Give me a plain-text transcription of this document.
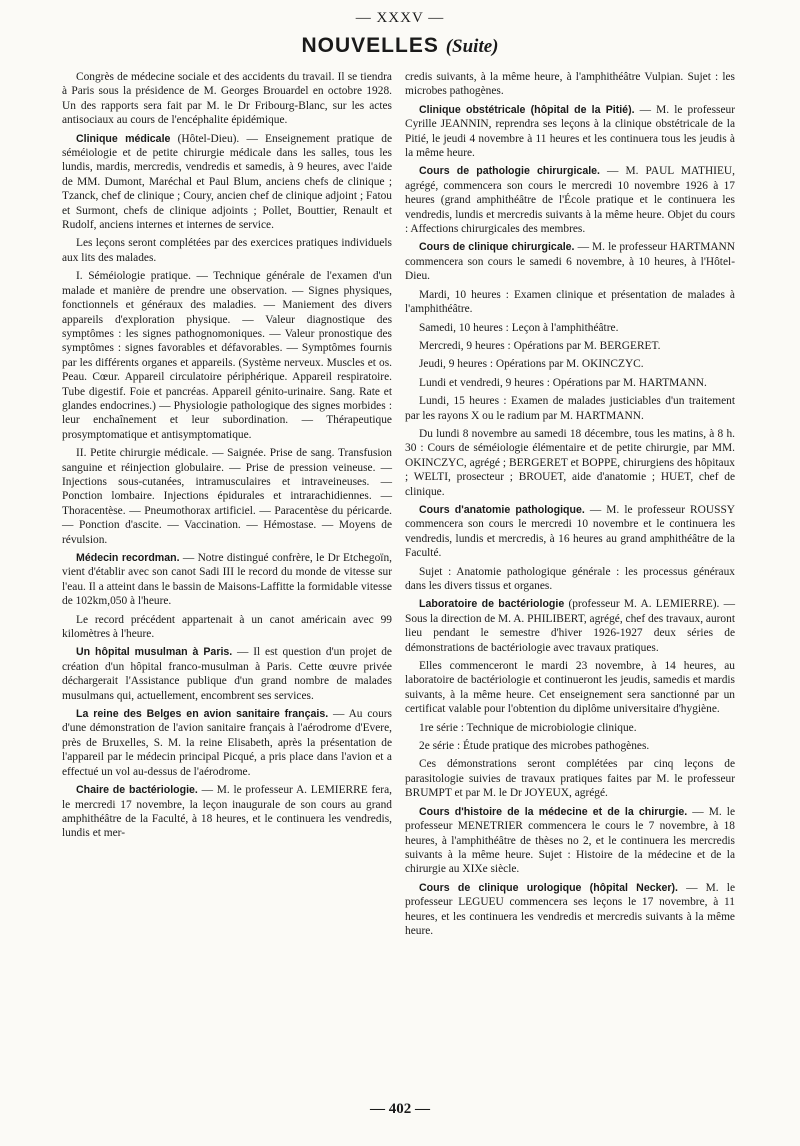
— XXXV —
NOUVELLES (Suite)

Congrès de médecine sociale et des accidents du travail. Il se tiendra à Paris sous la présidence de M. Georges Brouardel en octobre 1928. Un des rapports sera fait par M. le Dr Fribourg-Blanc, sur les actes antisociaux au cours de l'encéphalite épidémique.

Clinique médicale (Hôtel-Dieu). — Enseignement pratique de séméiologie et de petite chirurgie médicale dans les salles, tous les lundis, mardis, mercredis, vendredis et samedis, à 9 heures, avec l'aide de MM. Dumont, Maréchal et Paul Blum, anciens chefs de clinique ; Tzanck, chef de clinique ; Coury, ancien chef de clinique adjoint ; Fatou et Surmont, chefs de clinique adjoints ; Pollet, Bouttier, Renault et Rudolf, anciens internes et internes de service.

Les leçons seront complétées par des exercices pratiques individuels aux lits des malades.

I. Séméiologie pratique. — Technique générale de l'examen d'un malade et manière de prendre une observation. — Signes physiques, fonctionnels et généraux des maladies. — Maniement des divers appareils d'exploration physique. — Valeur diagnostique des symptômes : les signes pathognomoniques. — Valeur pronostique des symptômes : signes favorables et défavorables. — Symptômes fournis par les différents organes et appareils. (Système nerveux. Muscles et os. Peau. Cœur. Appareil circulatoire périphérique. Appareil respiratoire. Tube digestif. Foie et pancréas. Appareil génito-urinaire. Sang. Rate et glandes endocrines.) — Physiologie pathologique des signes morbides : leur enchaînement et leur subordination. — Thérapeutique prosymptomatique et antisymptomatique.

II. Petite chirurgie médicale. — Saignée. Prise de sang. Transfusion sanguine et réinjection globulaire. — Prise de pression veineuse. — Injections sous-cutanées, intramusculaires et intraveineuses. — Ponction lombaire. Injections épidurales et intrarachidiennes. — Thoracentèse. — Pneumothorax artificiel. — Paracentèse du péricarde. — Ponction d'ascite. — Vaccination. — Hémostase. — Moyens de révulsion.

Médecin recordman. — Notre distingué confrère, le Dr Etchegoïn, vient d'établir avec son canot Sadi III le record du monde de vitesse sur l'eau. Il a atteint dans le bassin de Maisons-Laffitte la formidable vitesse de 102km,050 à l'heure.

Le record précédent appartenait à un canot américain avec 99 kilomètres à l'heure.

Un hôpital musulman à Paris. — Il est question d'un projet de création d'un hôpital franco-musulman à Paris. Cette œuvre privée déchargerait l'Assistance publique d'un grand nombre de malades musulmans qui, actuellement, encombrent ses services.

La reine des Belges en avion sanitaire français. — Au cours d'une démonstration de l'avion sanitaire français à l'aérodrome d'Evere, près de Bruxelles, S. M. la reine Elisabeth, après la présentation de l'appareil par le médecin principal Picqué, a pris place dans l'avion et a effectué un vol au-dessus de l'aérodrome.

Chaire de bactériologie. — M. le professeur A. LEMIERRE fera, le mercredi 17 novembre, la leçon inaugurale de son cours au grand amphithéâtre de la Faculté, à 18 heures, et le continuera les vendredis, lundis et mer-

credis suivants, à la même heure, à l'amphithéâtre Vulpian. Sujet : les microbes pathogènes.

Clinique obstétricale (hôpital de la Pitié). — M. le professeur Cyrille JEANNIN, reprendra ses leçons à la clinique obstétricale de la Pitié, le jeudi 4 novembre à 11 heures et les continuera tous les jeudis à la même heure.

Cours de pathologie chirurgicale. — M. PAUL MATHIEU, agrégé, commencera son cours le mercredi 10 novembre 1926 à 17 heures (grand amphithéâtre de l'École pratique et le continuera les vendredis, lundis et mercredis suivants à la même heure. Objet du cours : Affections chirurgicales des membres.

Cours de clinique chirurgicale. — M. le professeur HARTMANN commencera son cours le samedi 6 novembre, à 10 heures, à l'Hôtel-Dieu.

Mardi, 10 heures : Examen clinique et présentation de malades à l'amphithéâtre.

Samedi, 10 heures : Leçon à l'amphithéâtre.

Mercredi, 9 heures : Opérations par M. BERGERET.

Jeudi, 9 heures : Opérations par M. OKINCZYC.

Lundi et vendredi, 9 heures : Opérations par M. HARTMANN.

Lundi, 15 heures : Examen de malades justiciables d'un traitement par les rayons X ou le radium par M. HARTMANN.

Du lundi 8 novembre au samedi 18 décembre, tous les matins, à 8 h. 30 : Cours de séméiologie élémentaire et de petite chirurgie, par MM. OKINCZYC, agrégé ; BERGERET et BOPPE, chirurgiens des hôpitaux ; WELTI, prosecteur ; BROUET, aide d'anatomie ; HUET, chef de clinique.

Cours d'anatomie pathologique. — M. le professeur ROUSSY commencera son cours le mercredi 10 novembre et le continuera les vendredis, lundis et mercredis, à 16 heures au grand amphithéâtre de la Faculté.

Sujet : Anatomie pathologique générale : les processus généraux dans les divers tissus et organes.

Laboratoire de bactériologie (professeur M. A. LEMIERRE). — Sous la direction de M. A. PHILIBERT, agrégé, chef des travaux, auront lieu pendant le semestre d'hiver 1926-1927 deux séries de démonstrations de bactériologie avec travaux pratiques.

Elles commenceront le mardi 23 novembre, à 14 heures, au laboratoire de bactériologie et continueront les jeudis, samedis et mardis suivants, à la même heure. Cet enseignement sera sanctionné par un certificat valable pour l'obtention du diplôme universitaire d'hygiène.

1re série : Technique de microbiologie clinique.

2e série : Étude pratique des microbes pathogènes.

Ces démonstrations seront complétées par cinq leçons de parasitologie suivies de travaux pratiques faites par M. le professeur BRUMPT et par M. le Dr JOYEUX, agrégé.

Cours d'histoire de la médecine et de la chirurgie. — M. le professeur MENETRIER commencera le cours le 7 novembre, à 18 heures, à l'amphithéâtre de thèses no 2, et le continuera les mercredis suivants à la même heure. Sujet : Histoire de la médecine et de la chirurgie au XIXe siècle.

Cours de clinique urologique (hôpital Necker). — M. le professeur LEGUEU commencera ses leçons le 17 novembre, à 11 heures, et les continuera les vendredis et mercredis suivants à la même heure.

— 402 —
